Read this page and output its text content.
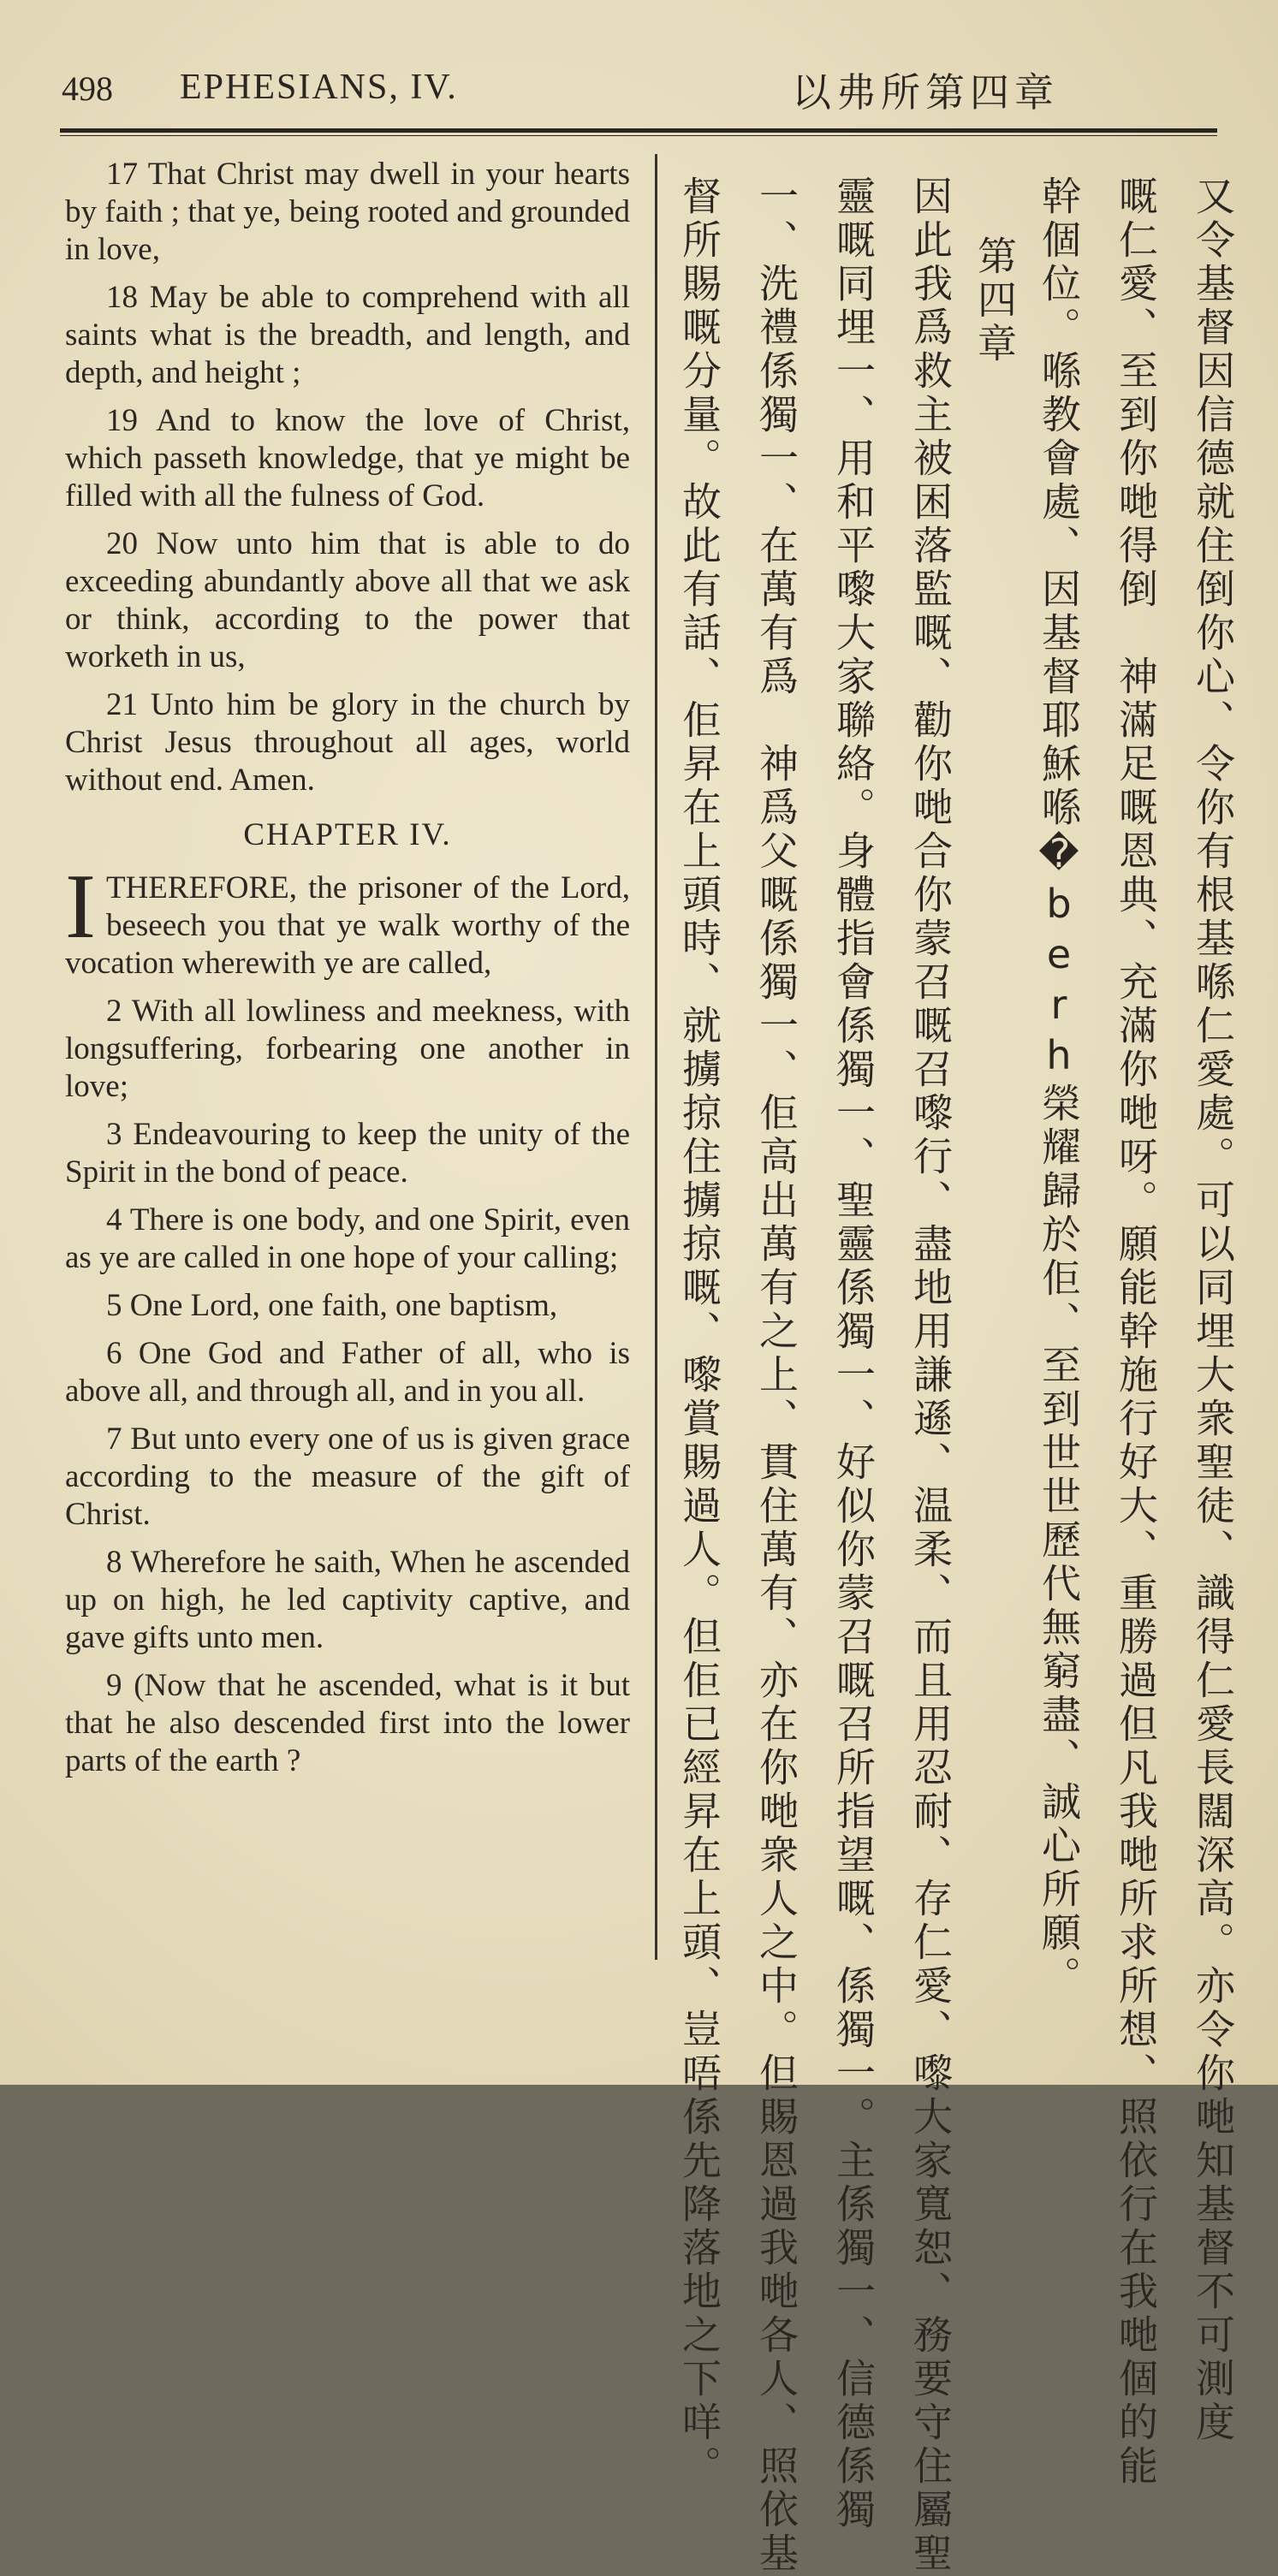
498 EPHESIANS, IV.	以弗所第四章

17 That Christ may dwell in your hearts by faith ; that ye, being rooted and grounded in love,

18 May be able to comprehend with all saints what is the breadth, and length, and depth, and height ;

19 And to know the love of Christ, which passeth knowledge, that ye might be filled with all the fulness of God.

20 Now unto him that is able to do exceeding abundantly above all that we ask or think, according to the power that worketh in us,

21 Unto him be glory in the church by Christ Jesus throughout all ages, world without end. Amen.

CHAPTER IV.

ITHEREFORE, the prisoner of the Lord, beseech you that ye walk worthy of the vocation wherewith ye are called,

2 With all lowliness and meekness, with longsuffering, forbearing one another in love;

3 Endeavouring to keep the unity of the Spirit in the bond of peace.

4 There is one body, and one Spirit, even as ye are called in one hope of your calling;

5 One Lord, one faith, one baptism,

6 One God and Father of all, who is above all, and through all, and in you all.

7 But unto every one of us is given grace according to the measure of the gift of Christ.

8 Wherefore he saith, When he ascended up on high, he led captivity captive, and gave gifts unto men.

9 (Now that he ascended, what is it but that he also descended first into the lower parts of the earth ?	又令基督因信德就住倒你心、令你有根基喺仁愛處。可以同埋大衆聖徒、識得仁愛長闊深高。亦令你哋知基督不可測度
嘅仁愛、至到你哋得倒　神滿足嘅恩典、充滿你哋呀。願能幹施行好大、重勝過但凡我哋所求所想、照依行在我哋個的能
幹個位。喺教會處、因基督耶穌喺�berh榮耀歸於佢、至到世世歷代無窮盡、誠心所願。
第四章
因此我爲救主被困落監嘅、勸你哋合你蒙召嘅召嚟行、盡地用謙遜、温柔、而且用忍耐、存仁愛、嚟大家寬恕、務要守住屬聖
靈嘅同埋一、用和平嚟大家聯絡。身體指會係獨一、聖靈係獨一、好似你蒙召嘅召所指望嘅、係獨一。主係獨一、信德係獨
一、洗禮係獨一、在萬有爲　神爲父嘅係獨一、佢高出萬有之上、貫住萬有、亦在你哋衆人之中。但賜恩過我哋各人、照依基
督所賜嘅分量。故此有話、佢昇在上頭時、就擄掠住擄掠嘅、嚟賞賜過人。但佢已經昇在上頭、豈唔係先降落地之下咩。
